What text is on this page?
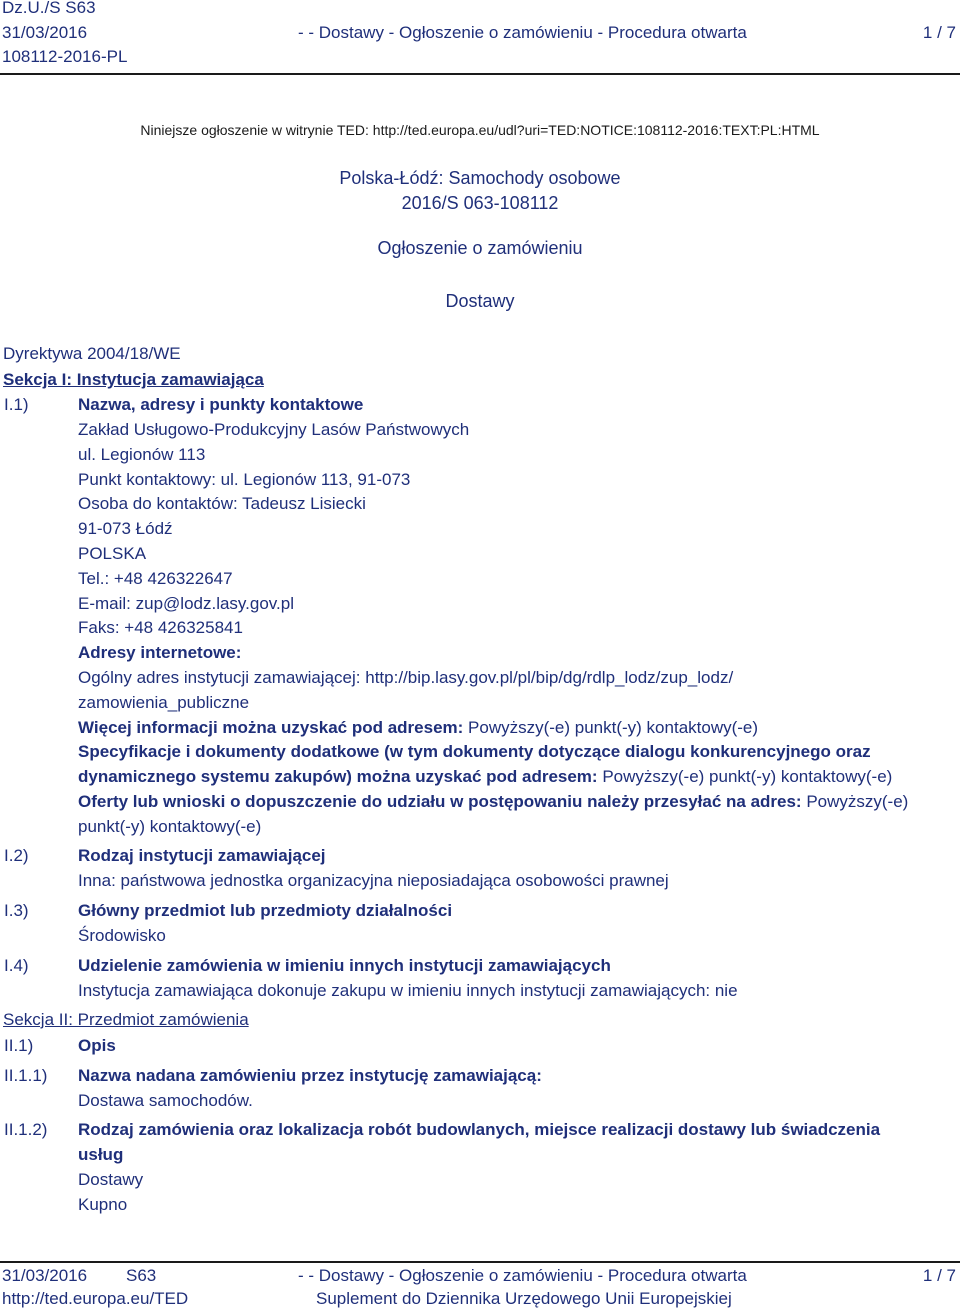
Dz.U./S S63
31/03/2016
108112-2016-PL
- - Dostawy - Ogłoszenie o zamówieniu - Procedura otwarta	1 / 7
Niniejsze ogłoszenie w witrynie TED: http://ted.europa.eu/udl?uri=TED:NOTICE:108112-2016:TEXT:PL:HTML
Polska-Łódź: Samochody osobowe
2016/S 063-108112
Ogłoszenie o zamówieniu
Dostawy
Dyrektywa 2004/18/WE
Sekcja I: Instytucja zamawiająca
I.1)	Nazwa, adresy i punkty kontaktowe
Zakład Usługowo-Produkcyjny Lasów Państwowych
ul. Legionów 113
Punkt kontaktowy: ul. Legionów 113, 91-073
Osoba do kontaktów: Tadeusz Lisiecki
91-073 Łódź
POLSKA
Tel.: +48 426322647
E-mail: zup@lodz.lasy.gov.pl
Faks: +48 426325841
Adresy internetowe:
Ogólny adres instytucji zamawiającej: http://bip.lasy.gov.pl/pl/bip/dg/rdlp_lodz/zup_lodz/
zamowienia_publiczne
Więcej informacji można uzyskać pod adresem: Powyższy(-e) punkt(-y) kontaktowy(-e)
Specyfikacje i dokumenty dodatkowe (w tym dokumenty dotyczące dialogu konkurencyjnego oraz
dynamicznego systemu zakupów) można uzyskać pod adresem: Powyższy(-e) punkt(-y) kontaktowy(-e)
Oferty lub wnioski o dopuszczenie do udziału w postępowaniu należy przesyłać na adres: Powyższy(-e)
punkt(-y) kontaktowy(-e)
I.2)	Rodzaj instytucji zamawiającej
Inna: państwowa jednostka organizacyjna nieposiadająca osobowości prawnej
I.3)	Główny przedmiot lub przedmioty działalności
Środowisko
I.4)	Udzielenie zamówienia w imieniu innych instytucji zamawiających
Instytucja zamawiająca dokonuje zakupu w imieniu innych instytucji zamawiających: nie
Sekcja II: Przedmiot zamówienia
II.1)	Opis
II.1.1) Nazwa nadana zamówieniu przez instytucję zamawiającą:
Dostawa samochodów.
II.1.2) Rodzaj zamówienia oraz lokalizacja robót budowlanych, miejsce realizacji dostawy lub świadczenia
usług
Dostawy
Kupno
31/03/2016 S63	- - Dostawy - Ogłoszenie o zamówieniu - Procedura otwarta	1 / 7
http://ted.europa.eu/TED	Suplement do Dziennika Urzędowego Unii Europejskiej
